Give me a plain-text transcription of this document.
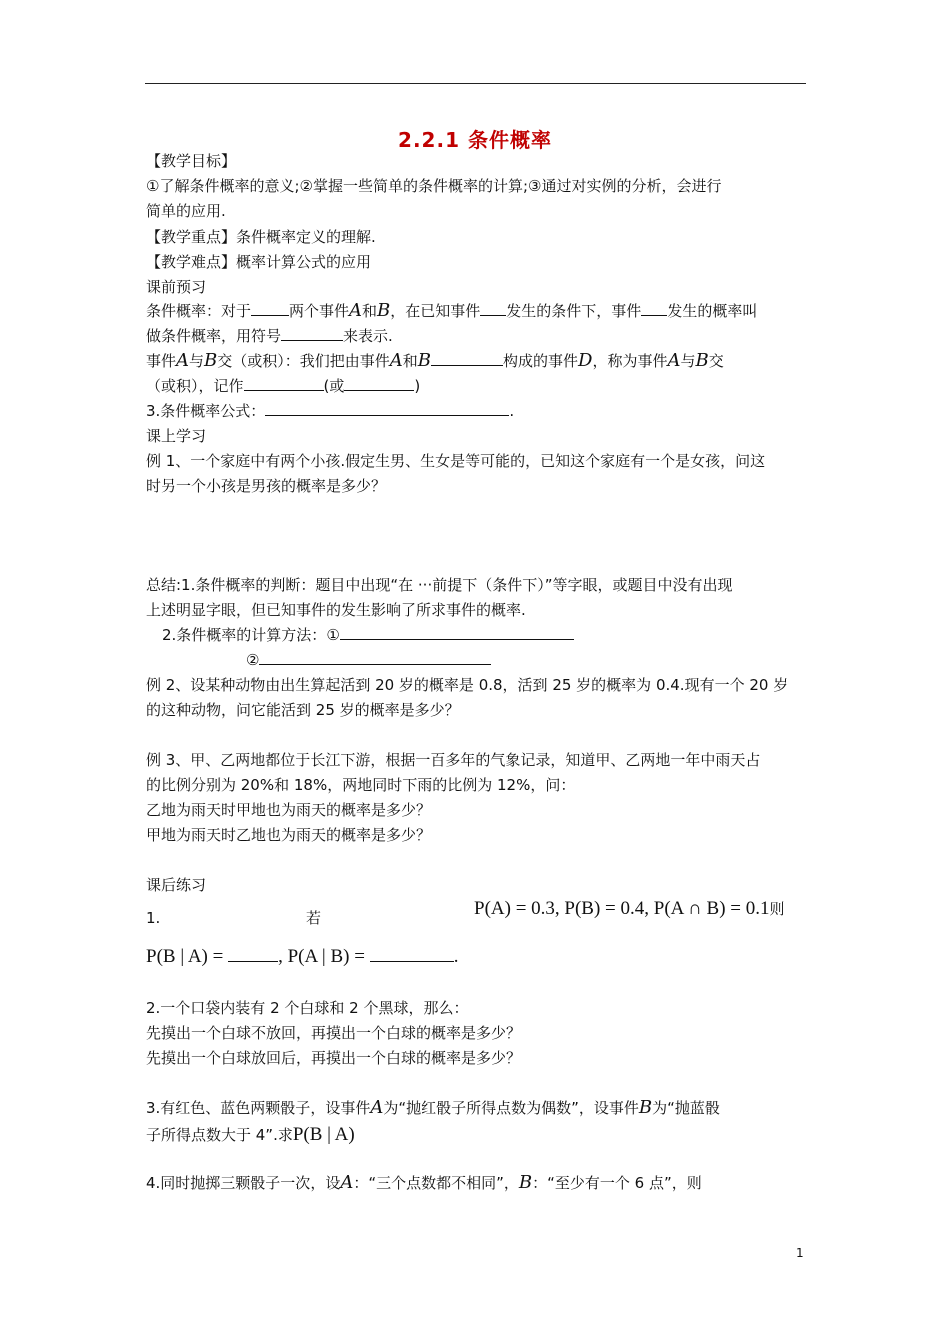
2.2.1 条件概率
【教学目标】
①了解条件概率的意义;②掌握一些简单的条件概率的计算;③通过对实例的分析，会进行
简单的应用.
【教学重点】条件概率定义的理解.
【教学难点】概率计算公式的应用
课前预习
条件概率：对于	两个事件A和B，在已知事件 发生的条件下，事件 发生的概率叫
做条件概率，用符号	来表示.
事件A与B交（或积）：我们把由事件A和B	构成的事件D，称为事件A与B交
（或积），记作	(或	)
3.条件概率公式：	.
课上学习
例 1、一个家庭中有两个小孩.假定生男、生女是等可能的，已知这个家庭有一个是女孩，问这
时另一个小孩是男孩的概率是多少？
总结:1.条件概率的判断：题目中出现“在 ···前提下（条件下）”等字眼，或题目中没有出现
上述明显字眼，但已知事件的发生影响了所求事件的概率.
2.条件概率的计算方法：①
②
例 2、设某种动物由出生算起活到 20 岁的概率是 0.8，活到 25 岁的概率为 0.4.现有一个 20 岁
的这种动物，问它能活到 25 岁的概率是多少？
例 3、甲、乙两地都位于长江下游，根据一百多年的气象记录，知道甲、乙两地一年中雨天占
的比例分别为 20%和 18%，两地同时下雨的比例为 12%，问：
乙地为雨天时甲地也为雨天的概率是多少？
甲地为雨天时乙地也为雨天的概率是多少？
课后练习
1.	若	P(A) = 0.3, P(B) = 0.4, P(A ∩ B) = 0.1则
P(B | A) =	, P(A | B) =	.
2.一个口袋内装有 2 个白球和 2 个黑球，那么：
先摸出一个白球不放回，再摸出一个白球的概率是多少？
先摸出一个白球放回后，再摸出一个白球的概率是多少？
3.有红色、蓝色两颗骰子，设事件A为“抛红骰子所得点数为偶数”，设事件B为“抛蓝骰
子所得点数大于 4”.求P(B | A)
4.同时抛掷三颗骰子一次，设A：“三个点数都不相同”，B：“至少有一个 6 点”，则
1
